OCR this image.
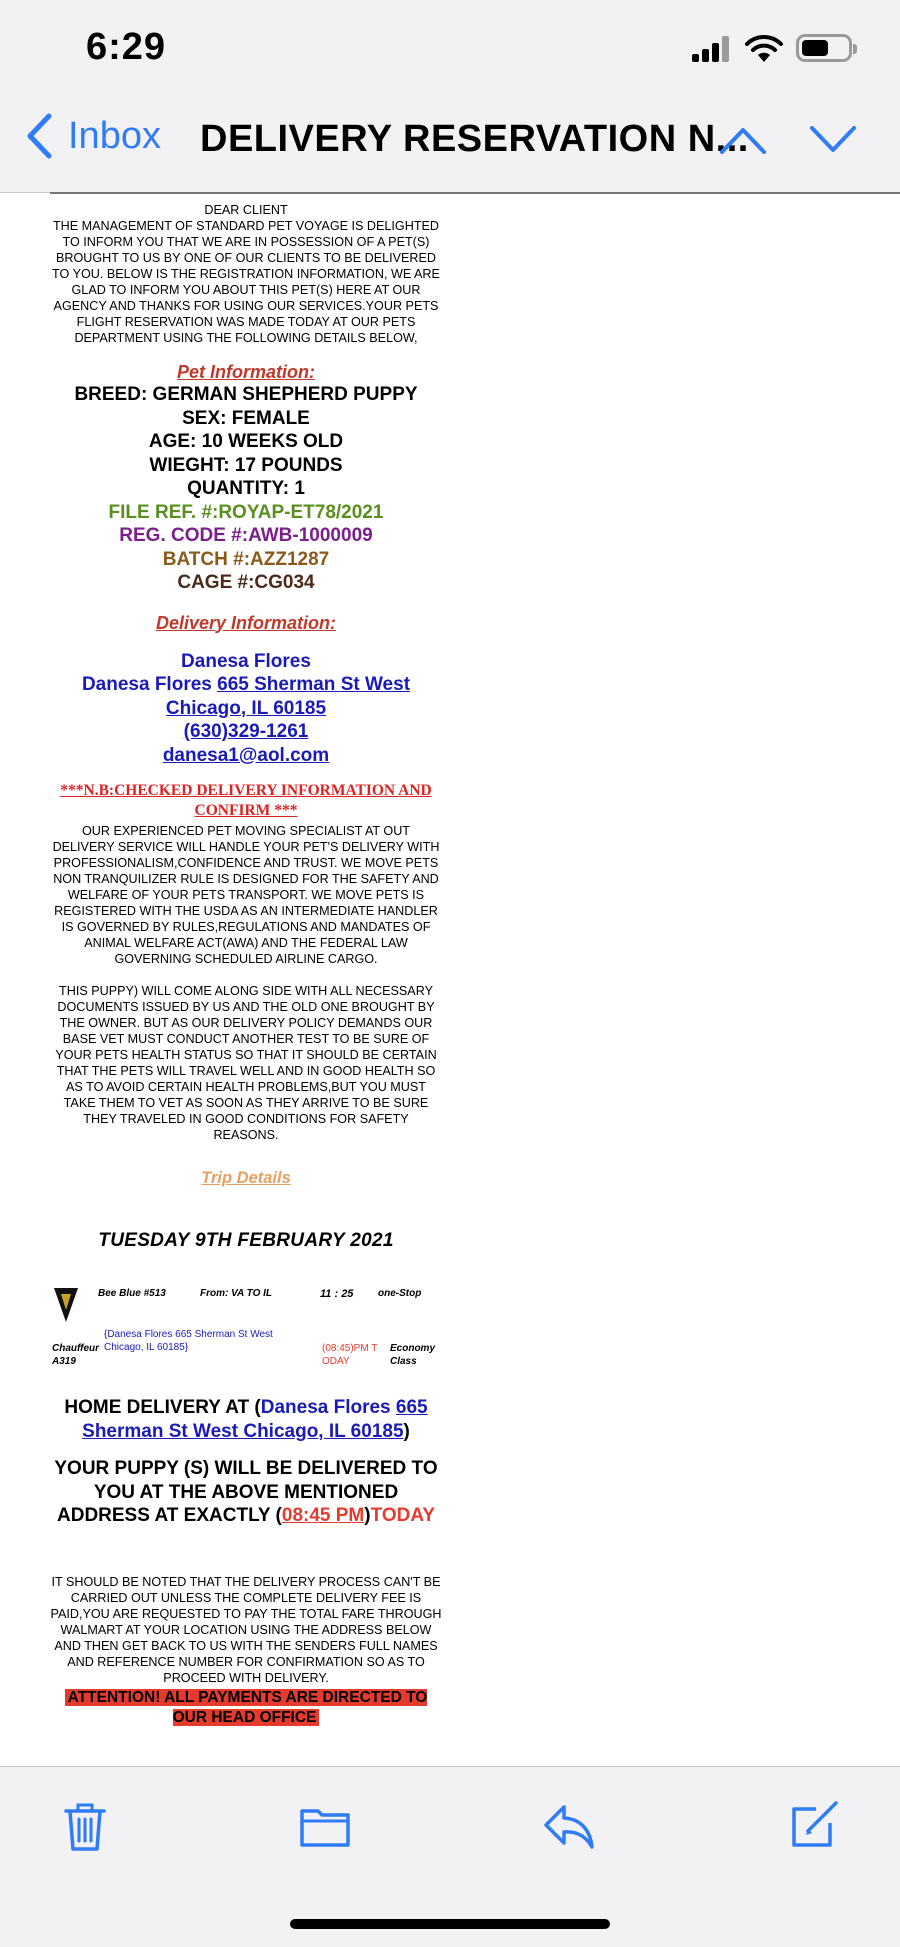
6:29
Inbox DELIVERY RESERVATION N...
DEAR CLIENT
THE MANAGEMENT OF STANDARD PET VOYAGE IS DELIGHTED TO INFORM YOU THAT WE ARE IN POSSESSION OF A PET(S) BROUGHT TO US BY ONE OF OUR CLIENTS TO BE DELIVERED TO YOU. BELOW IS THE REGISTRATION INFORMATION, WE ARE GLAD TO INFORM YOU ABOUT THIS PET(S) HERE AT OUR AGENCY AND THANKS FOR USING OUR SERVICES.YOUR PETS FLIGHT RESERVATION WAS MADE TODAY AT OUR PETS DEPARTMENT USING THE FOLLOWING DETAILS BELOW,
Pet Information:
BREED: GERMAN SHEPHERD PUPPY
SEX: FEMALE
AGE: 10 WEEKS OLD
WIEGHT: 17 POUNDS
QUANTITY: 1
FILE REF. #:ROYAP-ET78/2021
REG. CODE #:AWB-1000009
BATCH #:AZZ1287
CAGE #:CG034
Delivery Information:
Danesa Flores
Danesa Flores 665 Sherman St West
Chicago, IL 60185
(630)329-1261
danesa1@aol.com
***N.B:CHECKED DELIVERY INFORMATION AND CONFIRM ***
OUR EXPERIENCED PET MOVING SPECIALIST AT OUT DELIVERY SERVICE WILL HANDLE YOUR PET'S DELIVERY WITH PROFESSIONALISM,CONFIDENCE AND TRUST. WE MOVE PETS NON TRANQUILIZER RULE IS DESIGNED FOR THE SAFETY AND WELFARE OF YOUR PETS TRANSPORT. WE MOVE PETS IS REGISTERED WITH THE USDA AS AN INTERMEDIATE HANDLER IS GOVERNED BY RULES,REGULATIONS AND MANDATES OF ANIMAL WELFARE ACT(AWA) AND THE FEDERAL LAW GOVERNING SCHEDULED AIRLINE CARGO.
THIS PUPPY) WILL COME ALONG SIDE WITH ALL NECESSARY DOCUMENTS ISSUED BY US AND THE OLD ONE BROUGHT BY THE OWNER. BUT AS OUR DELIVERY POLICY DEMANDS OUR BASE VET MUST CONDUCT ANOTHER TEST TO BE SURE OF YOUR PETS HEALTH STATUS SO THAT IT SHOULD BE CERTAIN THAT THE PETS WILL TRAVEL WELL AND IN GOOD HEALTH SO AS TO AVOID CERTAIN HEALTH PROBLEMS,BUT YOU MUST TAKE THEM TO VET AS SOON AS THEY ARRIVE TO BE SURE THEY TRAVELED IN GOOD CONDITIONS FOR SAFETY REASONS.
Trip Details
TUESDAY 9TH FEBRUARY 2021
Bee Blue #513	From: VA TO IL	11 : 25 one-Stop
{Danesa Flores 665 Sherman St West
Chicago, IL 60185}
Chauffeur
A319
(08:45)PM T
ODAY
Economy
Class
HOME DELIVERY AT (Danesa Flores 665 Sherman St West Chicago, IL 60185)
YOUR PUPPY (S) WILL BE DELIVERED TO YOU AT THE ABOVE MENTIONED ADDRESS AT EXACTLY (08:45 PM)TODAY
IT SHOULD BE NOTED THAT THE DELIVERY PROCESS CAN'T BE CARRIED OUT UNLESS THE COMPLETE DELIVERY FEE IS PAID,YOU ARE REQUESTED TO PAY THE TOTAL FARE THROUGH WALMART AT YOUR LOCATION USING THE ADDRESS BELOW AND THEN GET BACK TO US WITH THE SENDERS FULL NAMES AND REFERENCE NUMBER FOR CONFIRMATION SO AS TO PROCEED WITH DELIVERY.
ATTENTION! ALL PAYMENTS ARE DIRECTED TO OUR HEAD OFFICE
